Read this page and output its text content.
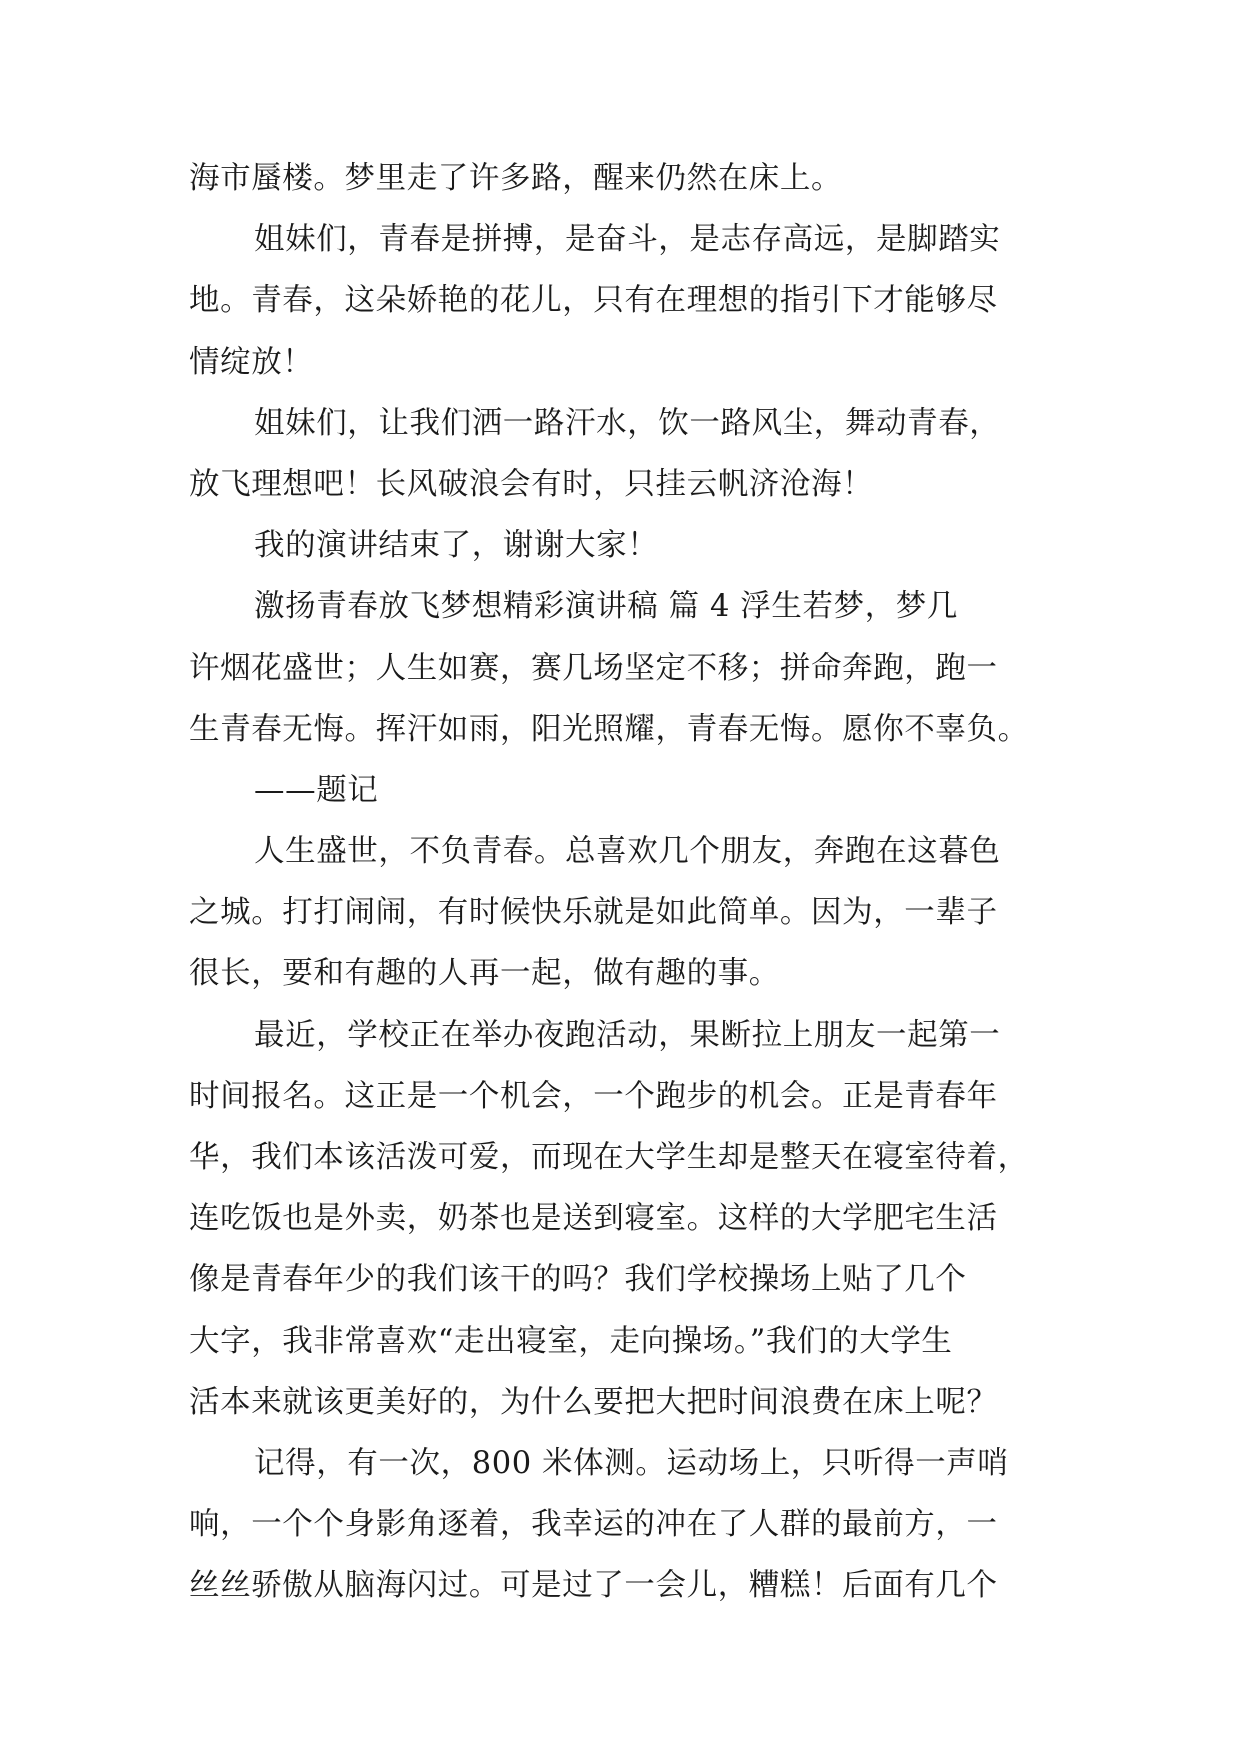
海市蜃楼。梦里走了许多路，醒来仍然在床上。
姐妹们，青春是拼搏，是奋斗，是志存高远，是脚踏实
地。青春，这朵娇艳的花儿，只有在理想的指引下才能够尽
情绽放！
姐妹们，让我们洒一路汗水，饮一路风尘，舞动青春，
放飞理想吧！长风破浪会有时，只挂云帆济沧海！
我的演讲结束了，谢谢大家！
激扬青春放飞梦想精彩演讲稿 篇 4 浮生若梦，梦几
许烟花盛世；人生如赛，赛几场坚定不移；拼命奔跑，跑一
生青春无悔。挥汗如雨，阳光照耀，青春无悔。愿你不辜负。
——题记
人生盛世，不负青春。总喜欢几个朋友，奔跑在这暮色
之城。打打闹闹，有时候快乐就是如此简单。因为，一辈子
很长，要和有趣的人再一起，做有趣的事。
最近，学校正在举办夜跑活动，果断拉上朋友一起第一
时间报名。这正是一个机会，一个跑步的机会。正是青春年
华，我们本该活泼可爱，而现在大学生却是整天在寝室待着，
连吃饭也是外卖，奶茶也是送到寝室。这样的大学肥宅生活
像是青春年少的我们该干的吗？我们学校操场上贴了几个
大字，我非常喜欢“走出寝室，走向操场。”我们的大学生
活本来就该更美好的，为什么要把大把时间浪费在床上呢？
记得，有一次，800 米体测。运动场上，只听得一声哨
响，一个个身影角逐着，我幸运的冲在了人群的最前方，一
丝丝骄傲从脑海闪过。可是过了一会儿，糟糕！后面有几个
